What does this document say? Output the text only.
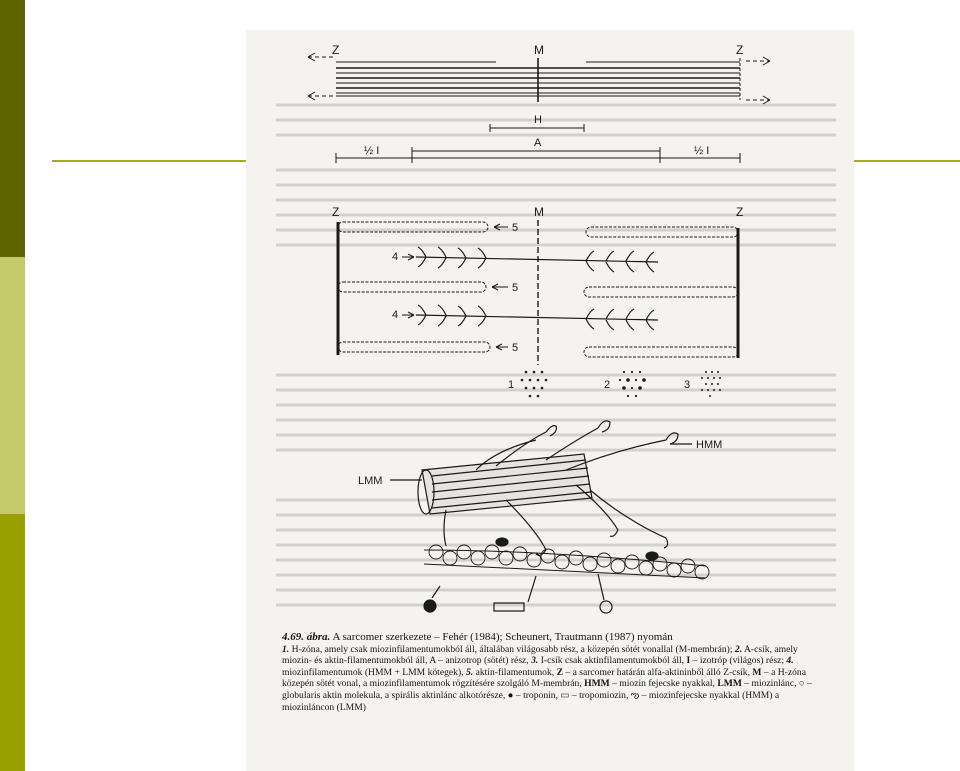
Z	M	Z
H
A
½ I	½ I
Z	M	Z
5
5
5
4
4
1	2	3
HMM
LMM

4.69. ábra. A sarcomer szerkezete – Fehér (1984); Scheunert, Trautmann (1987) nyomán

1. H-zóna, amely csak miozinfilamentumokból áll, általában világosabb rész, a közepén sötét vonallal (M-membrán); 2. A-csík, amely miozin- és aktin-filamentumokból áll, A – anizotrop (sötét) rész, 3. I-csík csak aktinfilamentumokból áll, I – izotróp (világos) rész; 4. miozinfilamentumok (HMM + LMM kötegek), 5. aktin-filamentumok, Z – a sarcomer határán alfa-aktininből álló Z-csík, M – a H-zóna közepén sötét vonal, a miozinfilamentumok rögzítésére szolgáló M-membrán, HMM – miozin fejecske nyakkal, LMM – miozinlánc, ○ – globularis aktin molekula, a spirális aktinlánc alkotórésze, ● – troponin, ▭ – tropomiozin, ఌ – miozinfejecske nyakkal (HMM) a miozinláncon (LMM)
